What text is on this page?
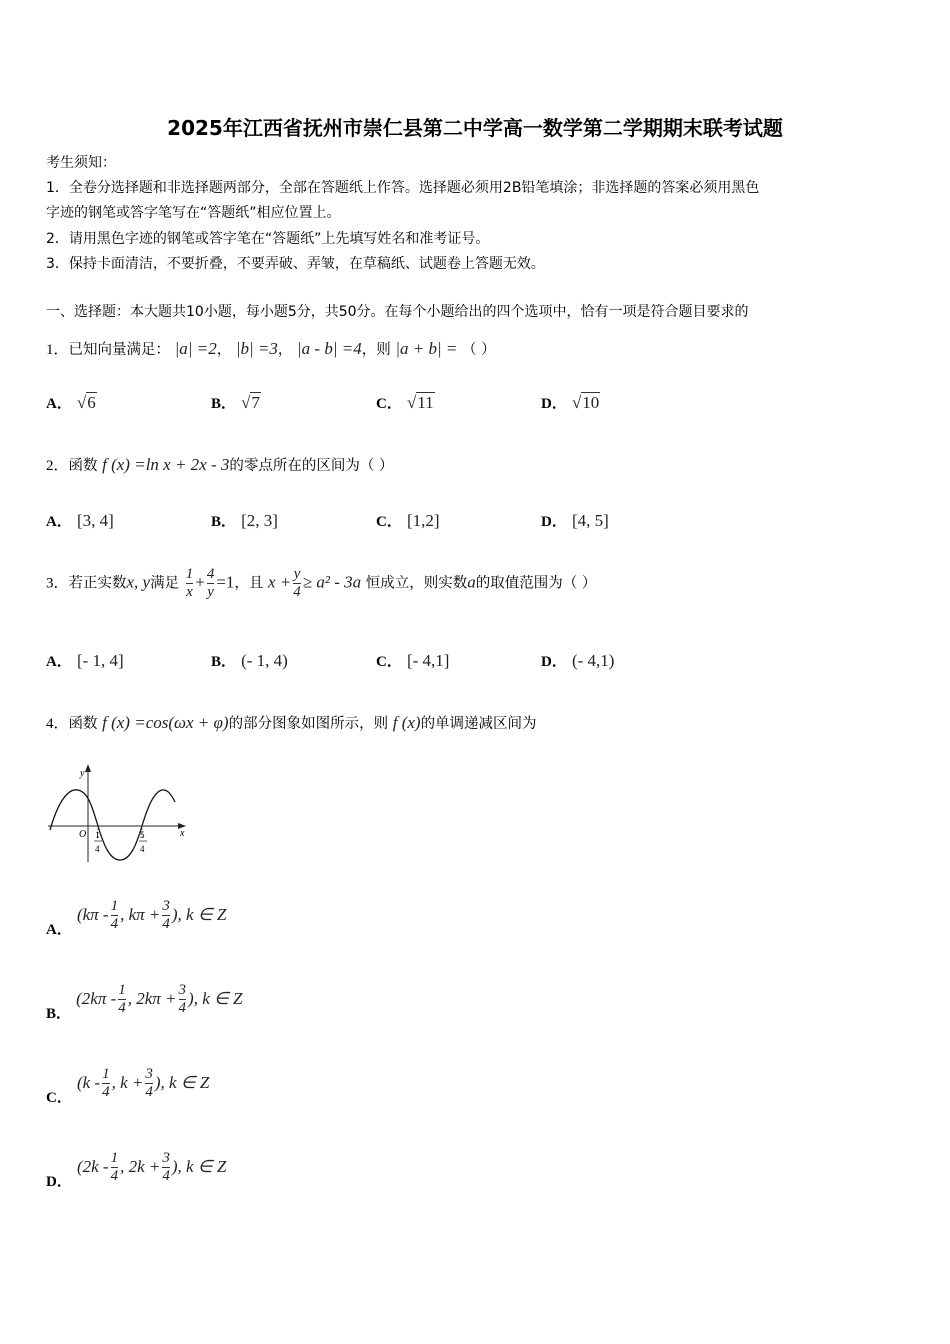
2025年江西省抚州市崇仁县第二中学高一数学第二学期期末联考试题
考生须知：
1．全卷分选择题和非选择题两部分，全部在答题纸上作答。选择题必须用2B铅笔填涂；非选择题的答案必须用黑色
字迹的钢笔或答字笔写在“答题纸”相应位置上。
2．请用黑色字迹的钢笔或答字笔在“答题纸”上先填写姓名和准考证号。
3．保持卡面清洁，不要折叠，不要弄破、弄皱，在草稿纸、试题卷上答题无效。
一、选择题：本大题共10小题，每小题5分，共50分。在每个小题给出的四个选项中，恰有一项是符合题目要求的
1．已知向量满足： |a| =2， |b| =3， |a - b| =4，则 |a + b| = （ ）
A． √6	B． √7	C． √11	D． √10
2．函数 f (x) =ln x + 2x - 3的零点所在的区间为（ ）
A． [3, 4]	B． [2, 3]	C． [1,2]	D． [4, 5]
3．若正实数x, y满足 $\frac{1}{x} + \frac{4}{y} =1$，且 $x + \frac{y}{4} \ge a^2 - 3a$ 恒成立，则实数a的取值范围为（ ）
A． [- 1, 4]	B． (- 1, 4)	C． [- 4,1]	D． (- 4,1)
4．函数 f (x) =cos(ωx + φ)的部分图象如图所示，则 f (x)的单调递减区间为
y
x
O 1
4
5
4
A． ($k\pi - \frac{1}{4}$ , $k\pi + \frac{3}{4}$ ), k ∈ Z
B． ($2k\pi - \frac{1}{4}$ , $2k\pi + \frac{3}{4}$ ), k ∈ Z
C． ($k - \frac{1}{4}$ , $k + \frac{3}{4}$ ), k ∈ Z
D． ($2k - \frac{1}{4}$ , $2k + \frac{3}{4}$ ), k ∈ Z
